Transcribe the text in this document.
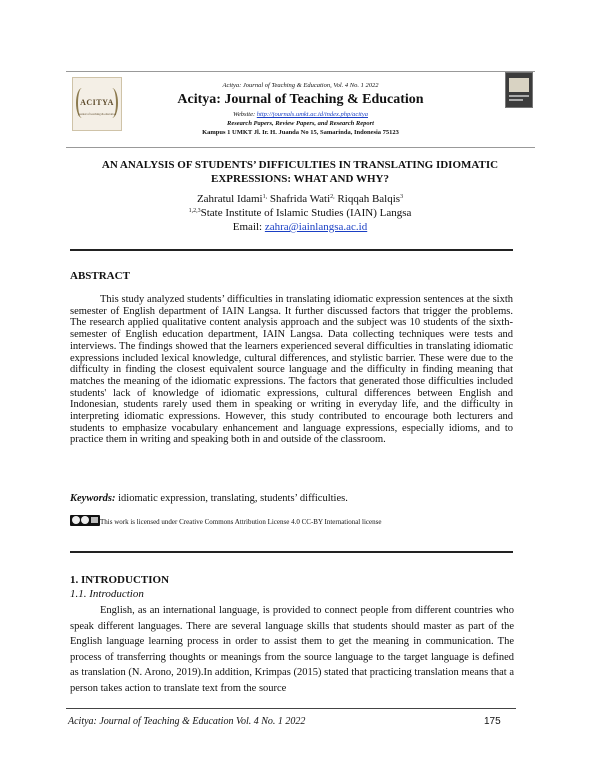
ACITYA
journal of teaching & education
Acitya: Journal of Teaching & Education, Vol. 4 No. 1 2022
Acitya: Journal of Teaching & Education
Website: http://journals.umkt.ac.id/index.php/acitya
Research Papers, Review Papers, and Research Report
Kampus 1 UMKT Jl. Ir. H. Juanda No 15, Samarinda, Indonesia 75123
AN ANALYSIS OF STUDENTS’ DIFFICULTIES IN TRANSLATING IDIOMATIC
EXPRESSIONS: WHAT AND WHY?
Zahratul Idami$^{1,}$ Shafrida Wati$^{2,}$ Riqqah Balqis$^3$
$^{1,2,3}$State Institute of Islamic Studies (IAIN) Langsa
Email: zahra@iainlangsa.ac.id
ABSTRACT
This study analyzed students’ difficulties in translating idiomatic expression sentences at the sixth semester of English department of IAIN Langsa. It further discussed factors that trigger the problems. The research applied qualitative content analysis approach and the subject was 10 students of the sixth-semester of English education department, IAIN Langsa. Data collecting techniques were tests and interviews. The findings showed that the learners experienced several difficulties in translating idiomatic expressions included lexical knowledge, cultural differences, and stylistic barrier. These were due to the difficulty in finding the closest equivalent source language and the difficulty in finding meaning that matches the meaning of the idiomatic expressions. The factors that generated those difficulties included students' lack of knowledge of idiomatic expressions, cultural differences between English and Indonesian, students rarely used them in speaking or writing in everyday life, and the difficulty in interpreting idiomatic expressions. However, this study contributed to encourage both lecturers and students to emphasize vocabulary enhancement and language expressions, especially idioms, and to practice them in writing and speaking both in and outside of the classroom.
Keywords: idiomatic expression, translating, students’ difficulties.
This work is licensed under Creative Commons Attribution License 4.0 CC-BY International license
1. INTRODUCTION
1.1. Introduction
English, as an international language, is provided to connect people from different countries who speak different languages. There are several language skills that students should master as part of the English language learning process in order to assist them to get the meaning in communication. The process of transferring thoughts or meanings from the source language to the target language is defined as translation (N. Arono, 2019).In addition, Krimpas (2015) stated that practicing translation means that a person takes action to translate text from the source
Acitya: Journal of Teaching & Education Vol. 4 No. 1 2022	175
